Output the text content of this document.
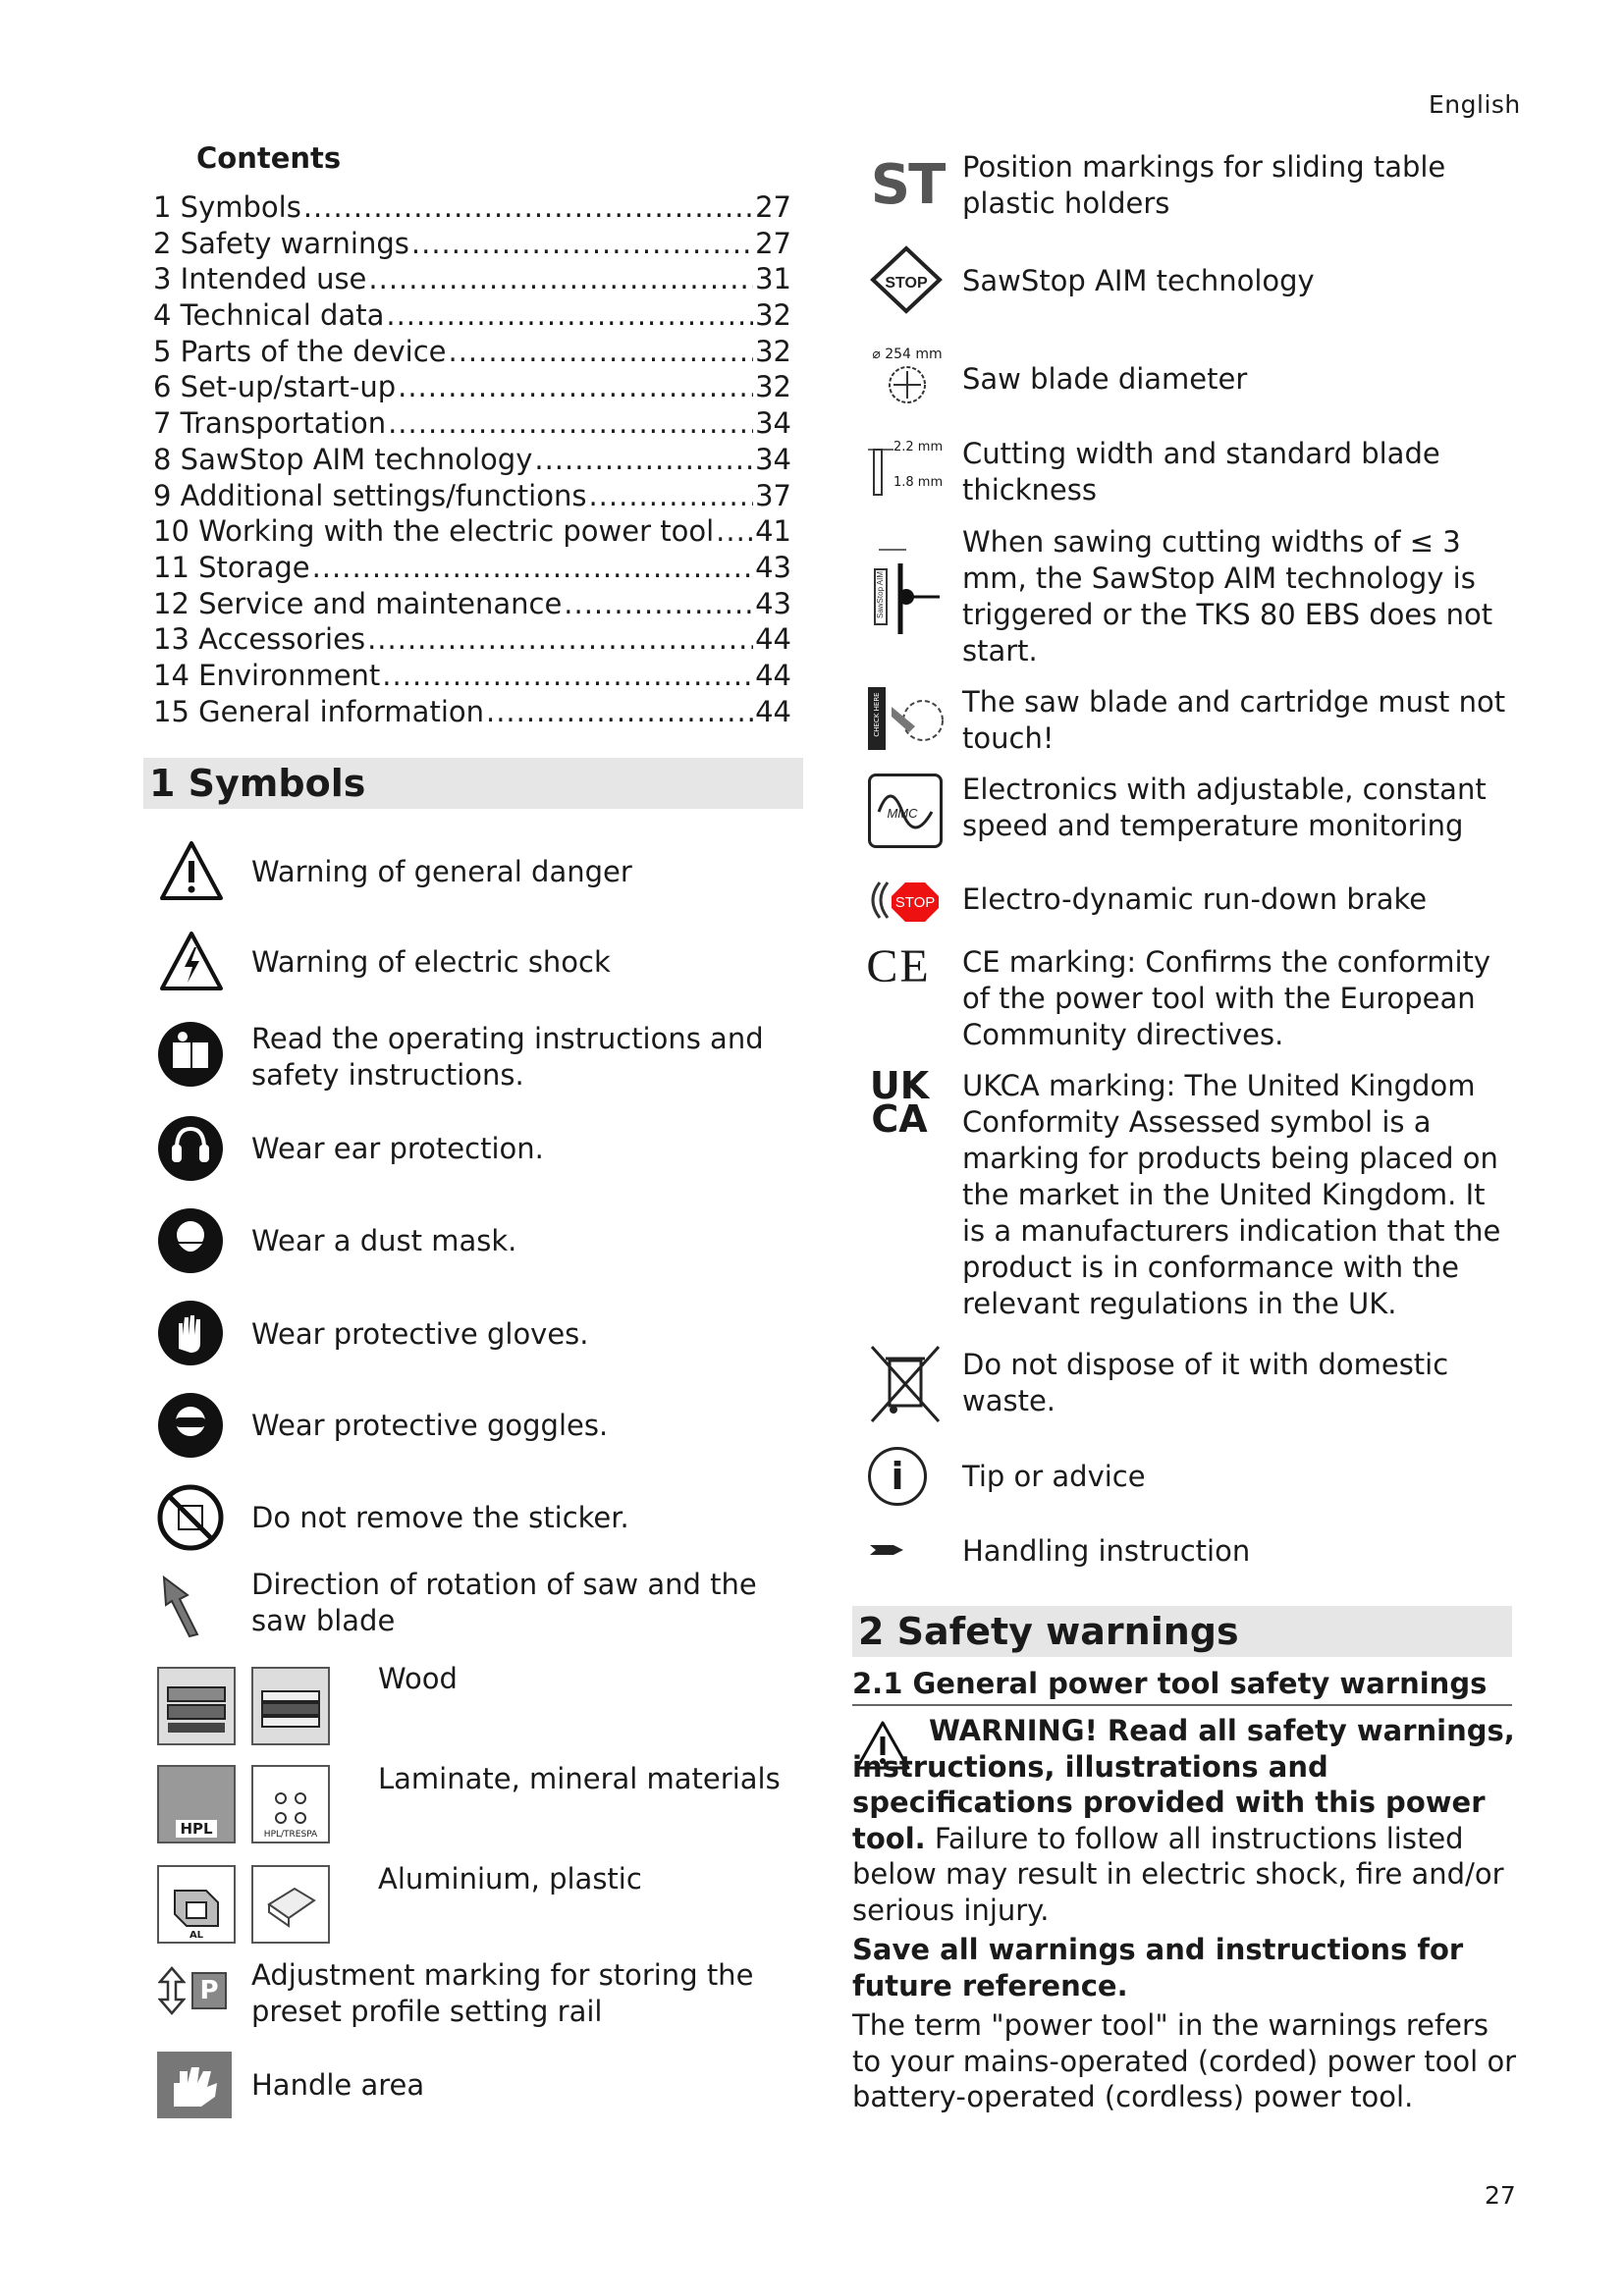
English
Contents
1 Symbols .....	27
2 Safety warnings .....	27
3 Intended use .....	31
4 Technical data .....	32
5 Parts of the device .....	32
6 Set-up/start-up .....	32
7 Transportation .....	34
8 SawStop AIM technology .....	34
9 Additional settings/functions .....	37
10 Working with the electric power tool ..... 41
11 Storage .....	43
12 Service and maintenance .....	43
13 Accessories .....	44
14 Environment .....	44
15 General information .....	44
1 Symbols
Warning of general danger
Warning of electric shock
Read the operating instructions and safety instructions.
Wear ear protection.
Wear a dust mask.
Wear protective gloves.
Wear protective goggles.
Do not remove the sticker.
Direction of rotation of saw and the saw blade
Wood
HPL	HPL/TRESPA
Laminate, mineral materials
AL
Aluminium, plastic
P Adjustment marking for storing the preset profile setting rail
Handle area
ST Position markings for sliding table plastic holders
STOP SawStop AIM technology
⌀ 254 mm
Saw blade diameter
2.2 mm
1.8 mm
Cutting width and standard blade thickness
SawStop AIM
When sawing cutting widths of ≤ 3 mm, the SawStop AIM technology is triggered or the TKS 80 EBS does not start.
CHECK HERE	The saw blade and cartridge must not touch!
MMC
Electronics with adjustable, constant speed and temperature monitoring
STOP Electro-dynamic run-down brake
CE CE marking: Confirms the conformity of the power tool with the European Community directives.
UK
CA
UKCA marking: The United Kingdom Conformity Assessed symbol is a marking for products being placed on the market in the United Kingdom. It is a manufacturers indication that the product is in conformance with the relevant regulations in the UK.
Do not dispose of it with domestic waste.
i Tip or advice
Handling instruction
2 Safety warnings
2.1 General power tool safety warnings

WARNING! Read all safety warnings, instructions, illustrations and specifications provided with this power tool. Failure to follow all instructions listed below may result in electric shock, fire and/or serious injury.

Save all warnings and instructions for future reference.

The term "power tool" in the warnings refers to your mains-operated (corded) power tool or battery-operated (cordless) power tool.

27
